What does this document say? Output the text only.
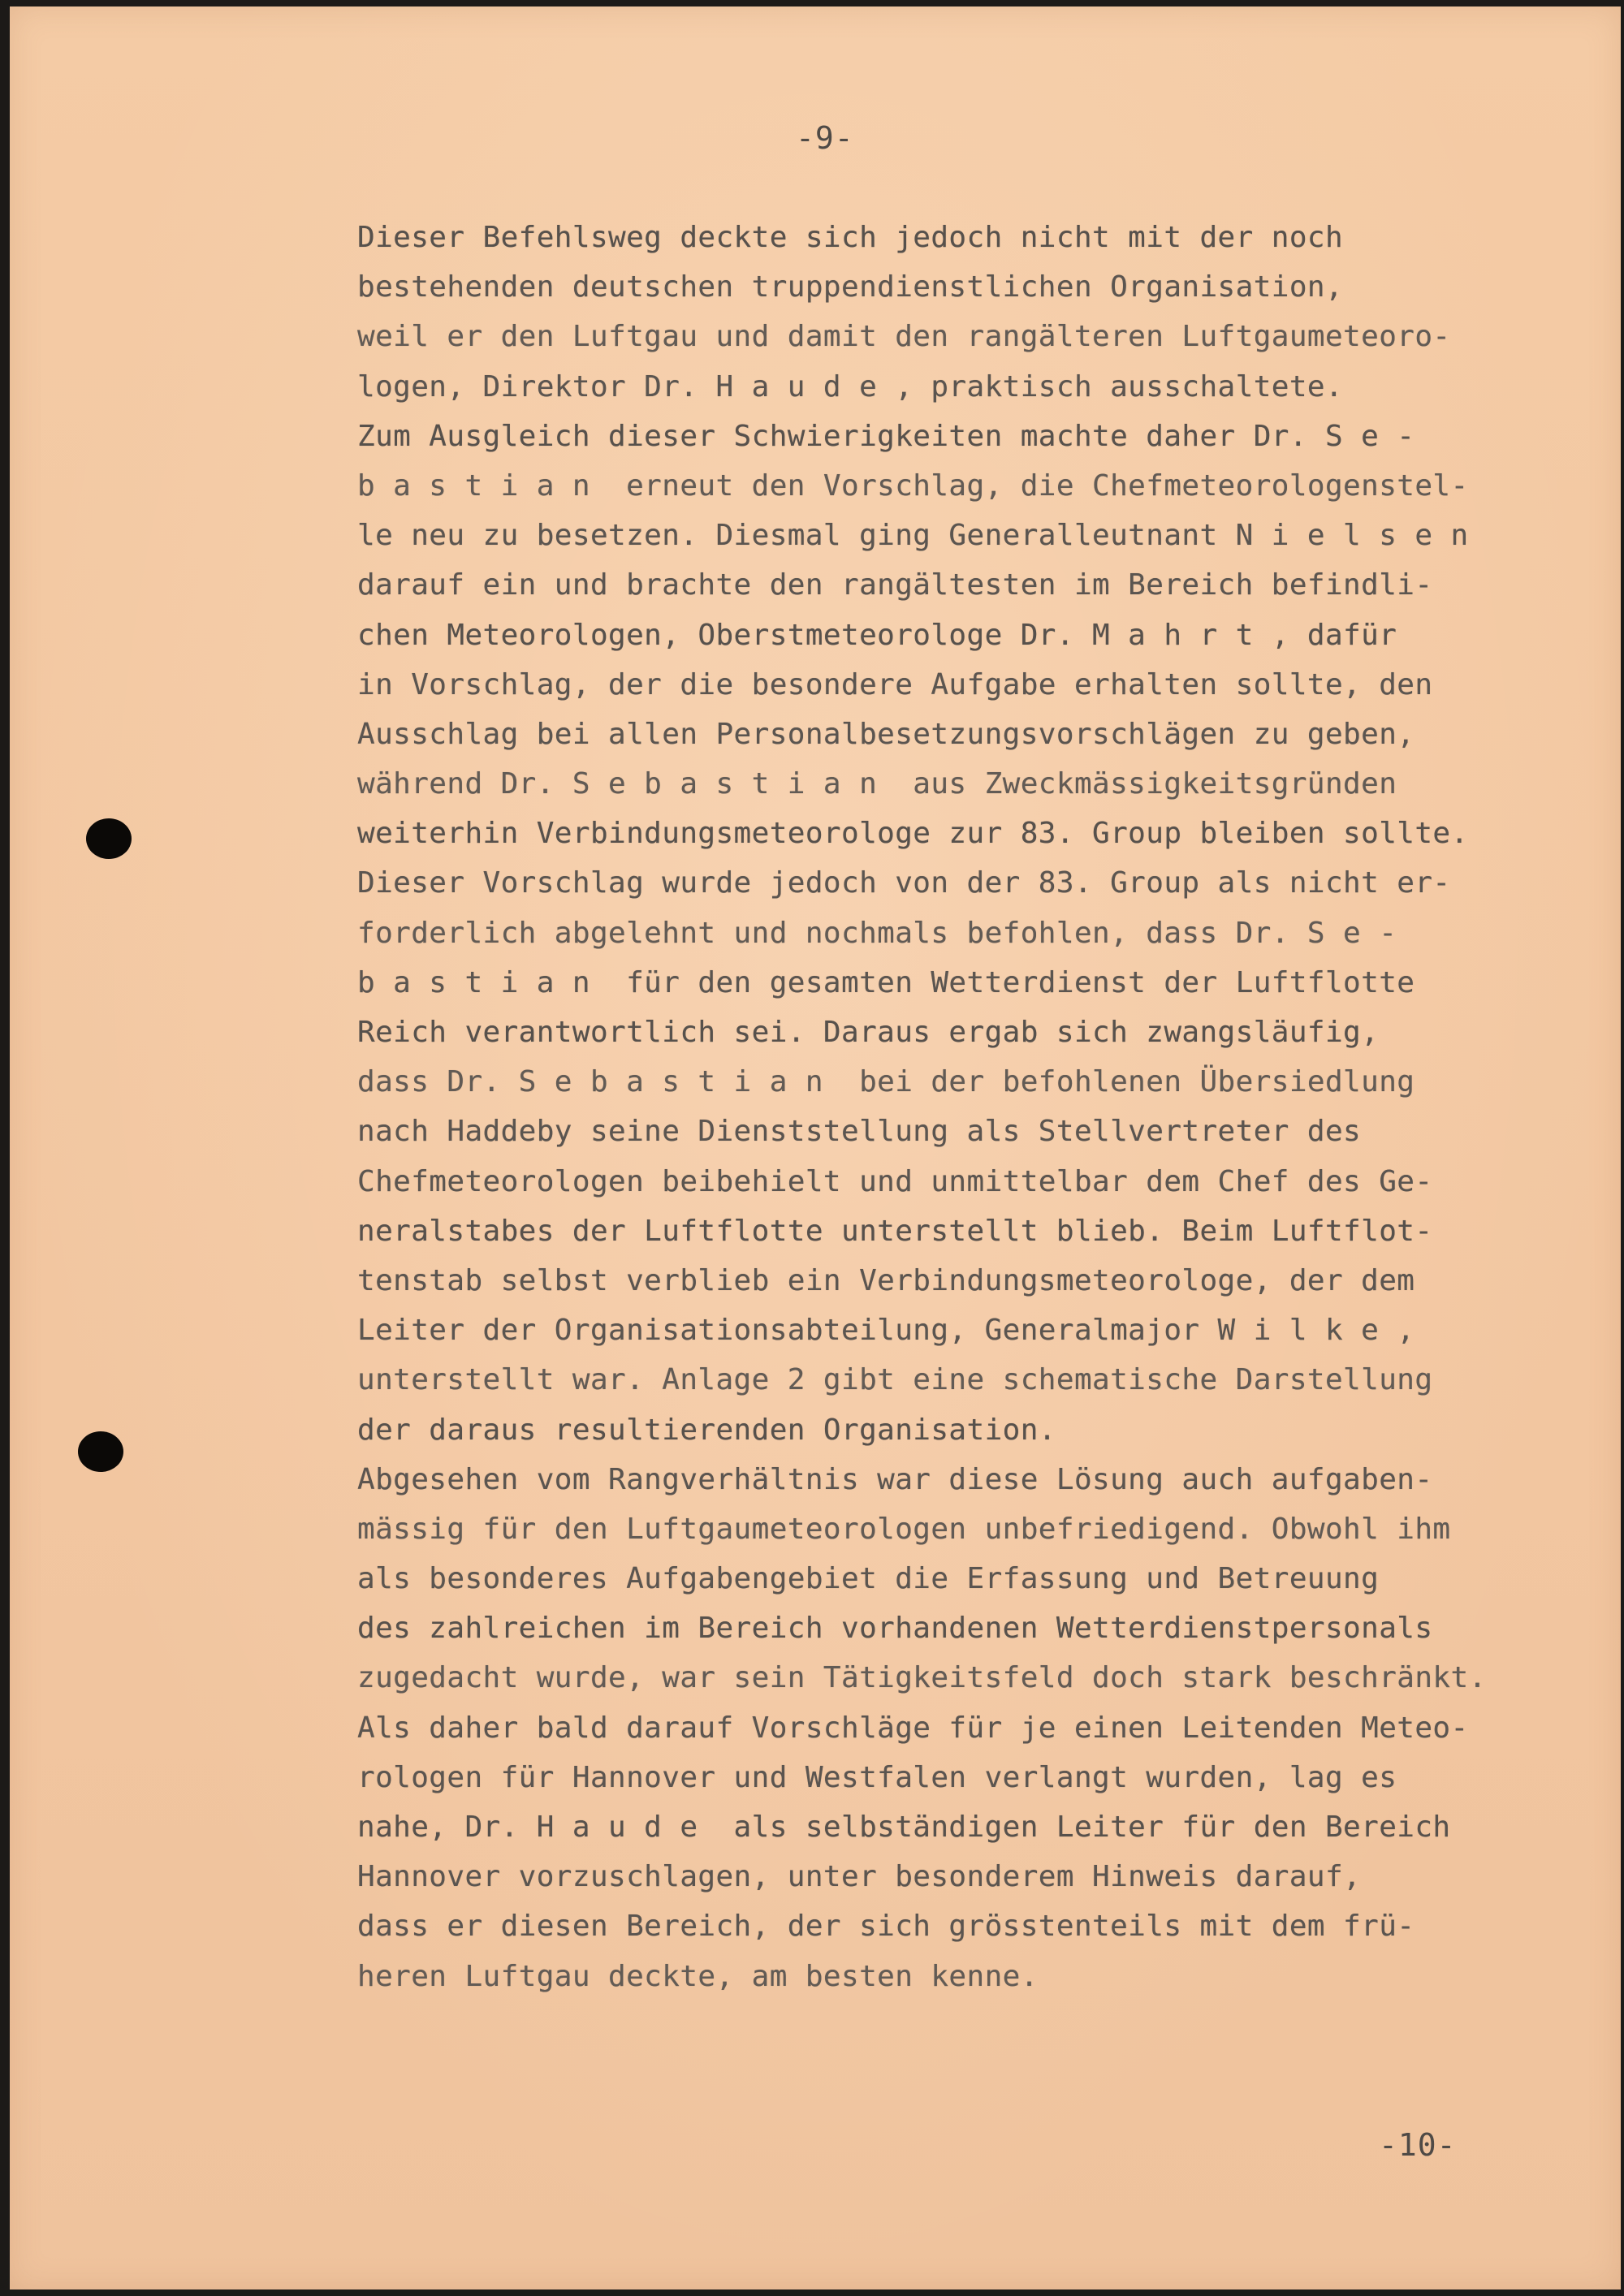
-9-
Dieser Befehlsweg deckte sich jedoch nicht mit der noch
bestehenden deutschen truppendienstlichen Organisation,
weil er den Luftgau und damit den rangälteren Luftgaumeteoro-
logen, Direktor Dr. H a u d e , praktisch ausschaltete.
Zum Ausgleich dieser Schwierigkeiten machte daher Dr. S e -
b a s t i a n  erneut den Vorschlag, die Chefmeteorologenstel-
le neu zu besetzen. Diesmal ging Generalleutnant N i e l s e n
darauf ein und brachte den rangältesten im Bereich befindli-
chen Meteorologen, Oberstmeteorologe Dr. M a h r t , dafür
in Vorschlag, der die besondere Aufgabe erhalten sollte, den
Ausschlag bei allen Personalbesetzungsvorschlägen zu geben,
während Dr. S e b a s t i a n  aus Zweckmässigkeitsgründen
weiterhin Verbindungsmeteorologe zur 83. Group bleiben sollte.
Dieser Vorschlag wurde jedoch von der 83. Group als nicht er-
forderlich abgelehnt und nochmals befohlen, dass Dr. S e -
b a s t i a n  für den gesamten Wetterdienst der Luftflotte
Reich verantwortlich sei. Daraus ergab sich zwangsläufig,
dass Dr. S e b a s t i a n  bei der befohlenen Übersiedlung
nach Haddeby seine Dienststellung als Stellvertreter des
Chefmeteorologen beibehielt und unmittelbar dem Chef des Ge-
neralstabes der Luftflotte unterstellt blieb. Beim Luftflot-
tenstab selbst verblieb ein Verbindungsmeteorologe, der dem
Leiter der Organisationsabteilung, Generalmajor W i l k e ,
unterstellt war. Anlage 2 gibt eine schematische Darstellung
der daraus resultierenden Organisation.
Abgesehen vom Rangverhältnis war diese Lösung auch aufgaben-
mässig für den Luftgaumeteorologen unbefriedigend. Obwohl ihm
als besonderes Aufgabengebiet die Erfassung und Betreuung
des zahlreichen im Bereich vorhandenen Wetterdienstpersonals
zugedacht wurde, war sein Tätigkeitsfeld doch stark beschränkt.
Als daher bald darauf Vorschläge für je einen Leitenden Meteo-
rologen für Hannover und Westfalen verlangt wurden, lag es
nahe, Dr. H a u d e  als selbständigen Leiter für den Bereich
Hannover vorzuschlagen, unter besonderem Hinweis darauf,
dass er diesen Bereich, der sich grösstenteils mit dem frü-
heren Luftgau deckte, am besten kenne.
-10-
